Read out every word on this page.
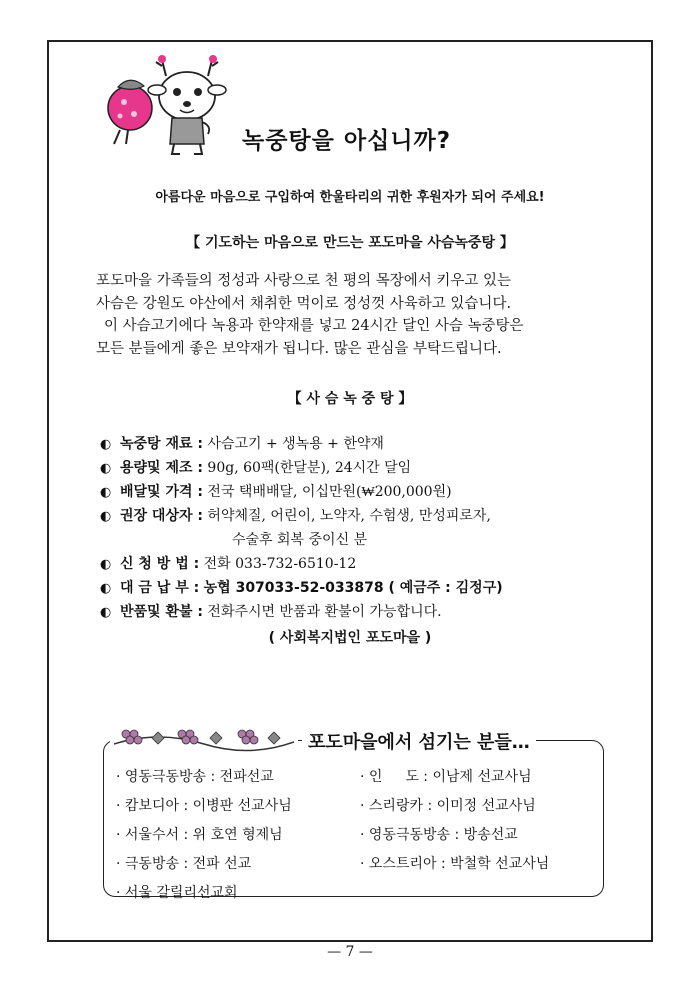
녹중탕을 아십니까?
아름다운 마음으로 구입하여 한울타리의 귀한 후원자가 되어 주세요!
【 기도하는 마음으로 만드는 포도마을 사슴녹중탕 】
포도마을 가족들의 정성과 사랑으로 천 평의 목장에서 키우고 있는
사슴은 강원도 야산에서 채취한 먹이로 정성껏 사육하고 있습니다.
이 사슴고기에다 녹용과 한약재를 넣고 24시간 달인 사슴 녹중탕은
모든 분들에게 좋은 보약재가 됩니다. 많은 관심을 부탁드립니다.
【 사 슴 녹 중 탕 】
◐ 녹중탕 재료 : 사슴고기 + 생녹용 + 한약재
◐ 용량및 제조 : 90g, 60팩(한달분), 24시간 달임
◐ 배달및 가격 : 전국 택배배달, 이십만원(₩200,000원)
◐ 권장 대상자 : 허약체질, 어린이, 노약자, 수험생, 만성피로자,
수술후 회복 중이신 분
◐ 신 청 방 법 : 전화 033-732-6510-12
◐ 대 금 납 부 : 농협 307033-52-033878 ( 예금주 : 김정구)
◐ 반품및 환불 : 전화주시면 반품과 환불이 가능합니다.
( 사회복지법인 포도마을 )
포도마을에서 섬기는 분들…
· 영동극동방송 : 전파선교	· 인 　 도 : 이남제 선교사님
· 캄보디아 : 이병판 선교사님	· 스리랑카 : 이미정 선교사님
· 서울수서 : 위 호연 형제님	· 영동극동방송 : 방송선교
· 극동방송 : 전파 선교	· 오스트리아 : 박철학 선교사님
· 서울 갈릴리선교회
— 7 —
